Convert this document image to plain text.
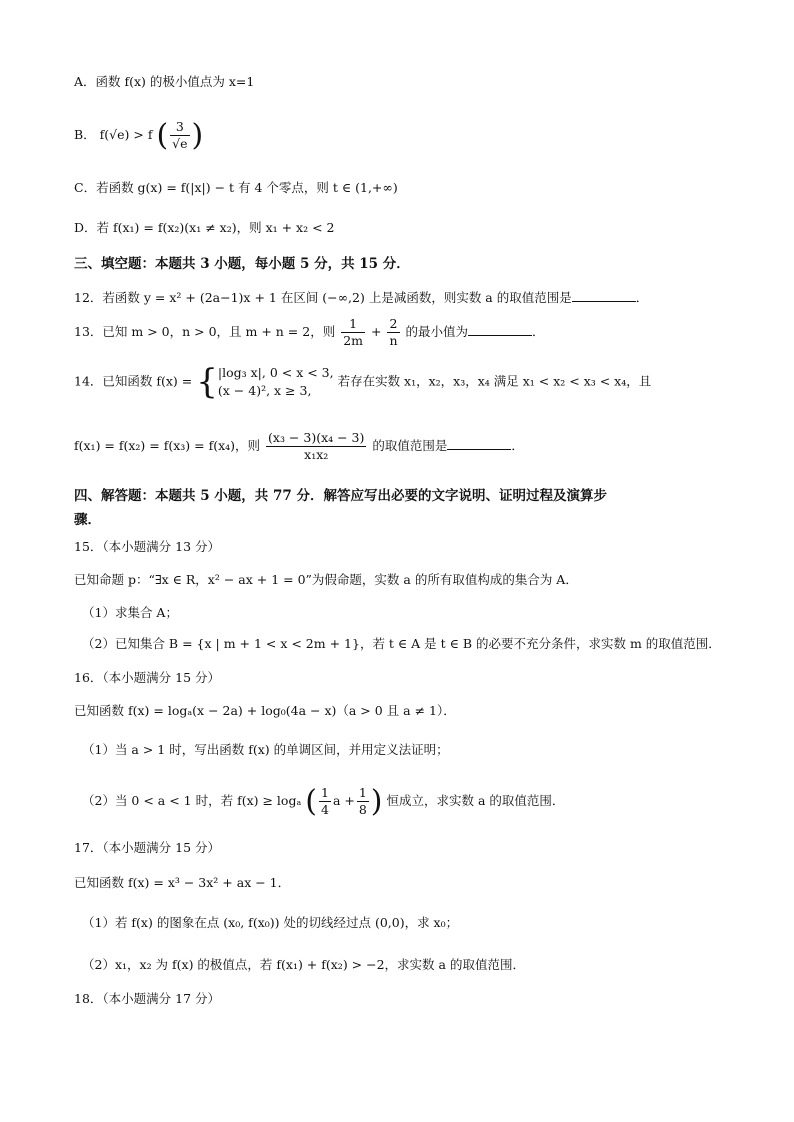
A．函数 f(x) 的极小值点为 x=1
B． f(√e) > f ( $\frac{3}{√e}$ )
C．若函数 g(x) = f(|x|) − t 有 4 个零点，则 t ∈ (1,+∞)
D．若 f(x₁) = f(x₂)(x₁ ≠ x₂)，则 x₁ + x₂ < 2
三、填空题：本题共 3 小题，每小题 5 分，共 15 分．
12．若函数 y = x² + (2a−1)x + 1 在区间 (−∞,2) 上是减函数，则实数 a 的取值范围是	．
13．已知 m > 0，n > 0，且 m + n = 2，则 $\frac{1}{2m} + \frac{2}{n}$ 的最小值为	．
14．已知函数 f(x) = { |log₃ x|, 0 < x < 3,
(x − 4)², x ≥ 3,
若存在实数 x₁，x₂，x₃，x₄ 满足 x₁ < x₂ < x₃ < x₄，且
f(x₁) = f(x₂) = f(x₃) = f(x₄)，则 $\frac{\text{(x₃ − 3)(x₄ − 3)}}{\text{x₁x₂}}$ 的取值范围是	．
四、解答题：本题共 5 小题，共 77 分．解答应写出必要的文字说明、证明过程及演算步
骤．
15．（本小题满分 13 分）
已知命题 p：“∃x ∈ R，x² − ax + 1 = 0”为假命题，实数 a 的所有取值构成的集合为 A．
（1）求集合 A；
（2）已知集合 B = {x | m + 1 < x < 2m + 1}，若 t ∈ A 是 t ∈ B 的必要不充分条件，求实数 m 的取值范围．
16．（本小题满分 15 分）
已知函数 f(x) = logₐ(x − 2a) + log₀(4a − x)（a > 0 且 a ≠ 1）．
（1）当 a > 1 时，写出函数 f(x) 的单调区间，并用定义法证明；
（2）当 0 < a < 1 时，若 f(x) ≥ logₐ ( $\frac{1}{4}$ $a + \frac{1}{8}$ ) 恒成立，求实数 a 的取值范围．
17．（本小题满分 15 分）
已知函数 f(x) = x³ − 3x² + ax − 1．
（1）若 f(x) 的图象在点 (x₀, f(x₀)) 处的切线经过点 (0,0)，求 x₀；
（2）x₁，x₂ 为 f(x) 的极值点，若 f(x₁) + f(x₂) > −2，求实数 a 的取值范围．
18．（本小题满分 17 分）
